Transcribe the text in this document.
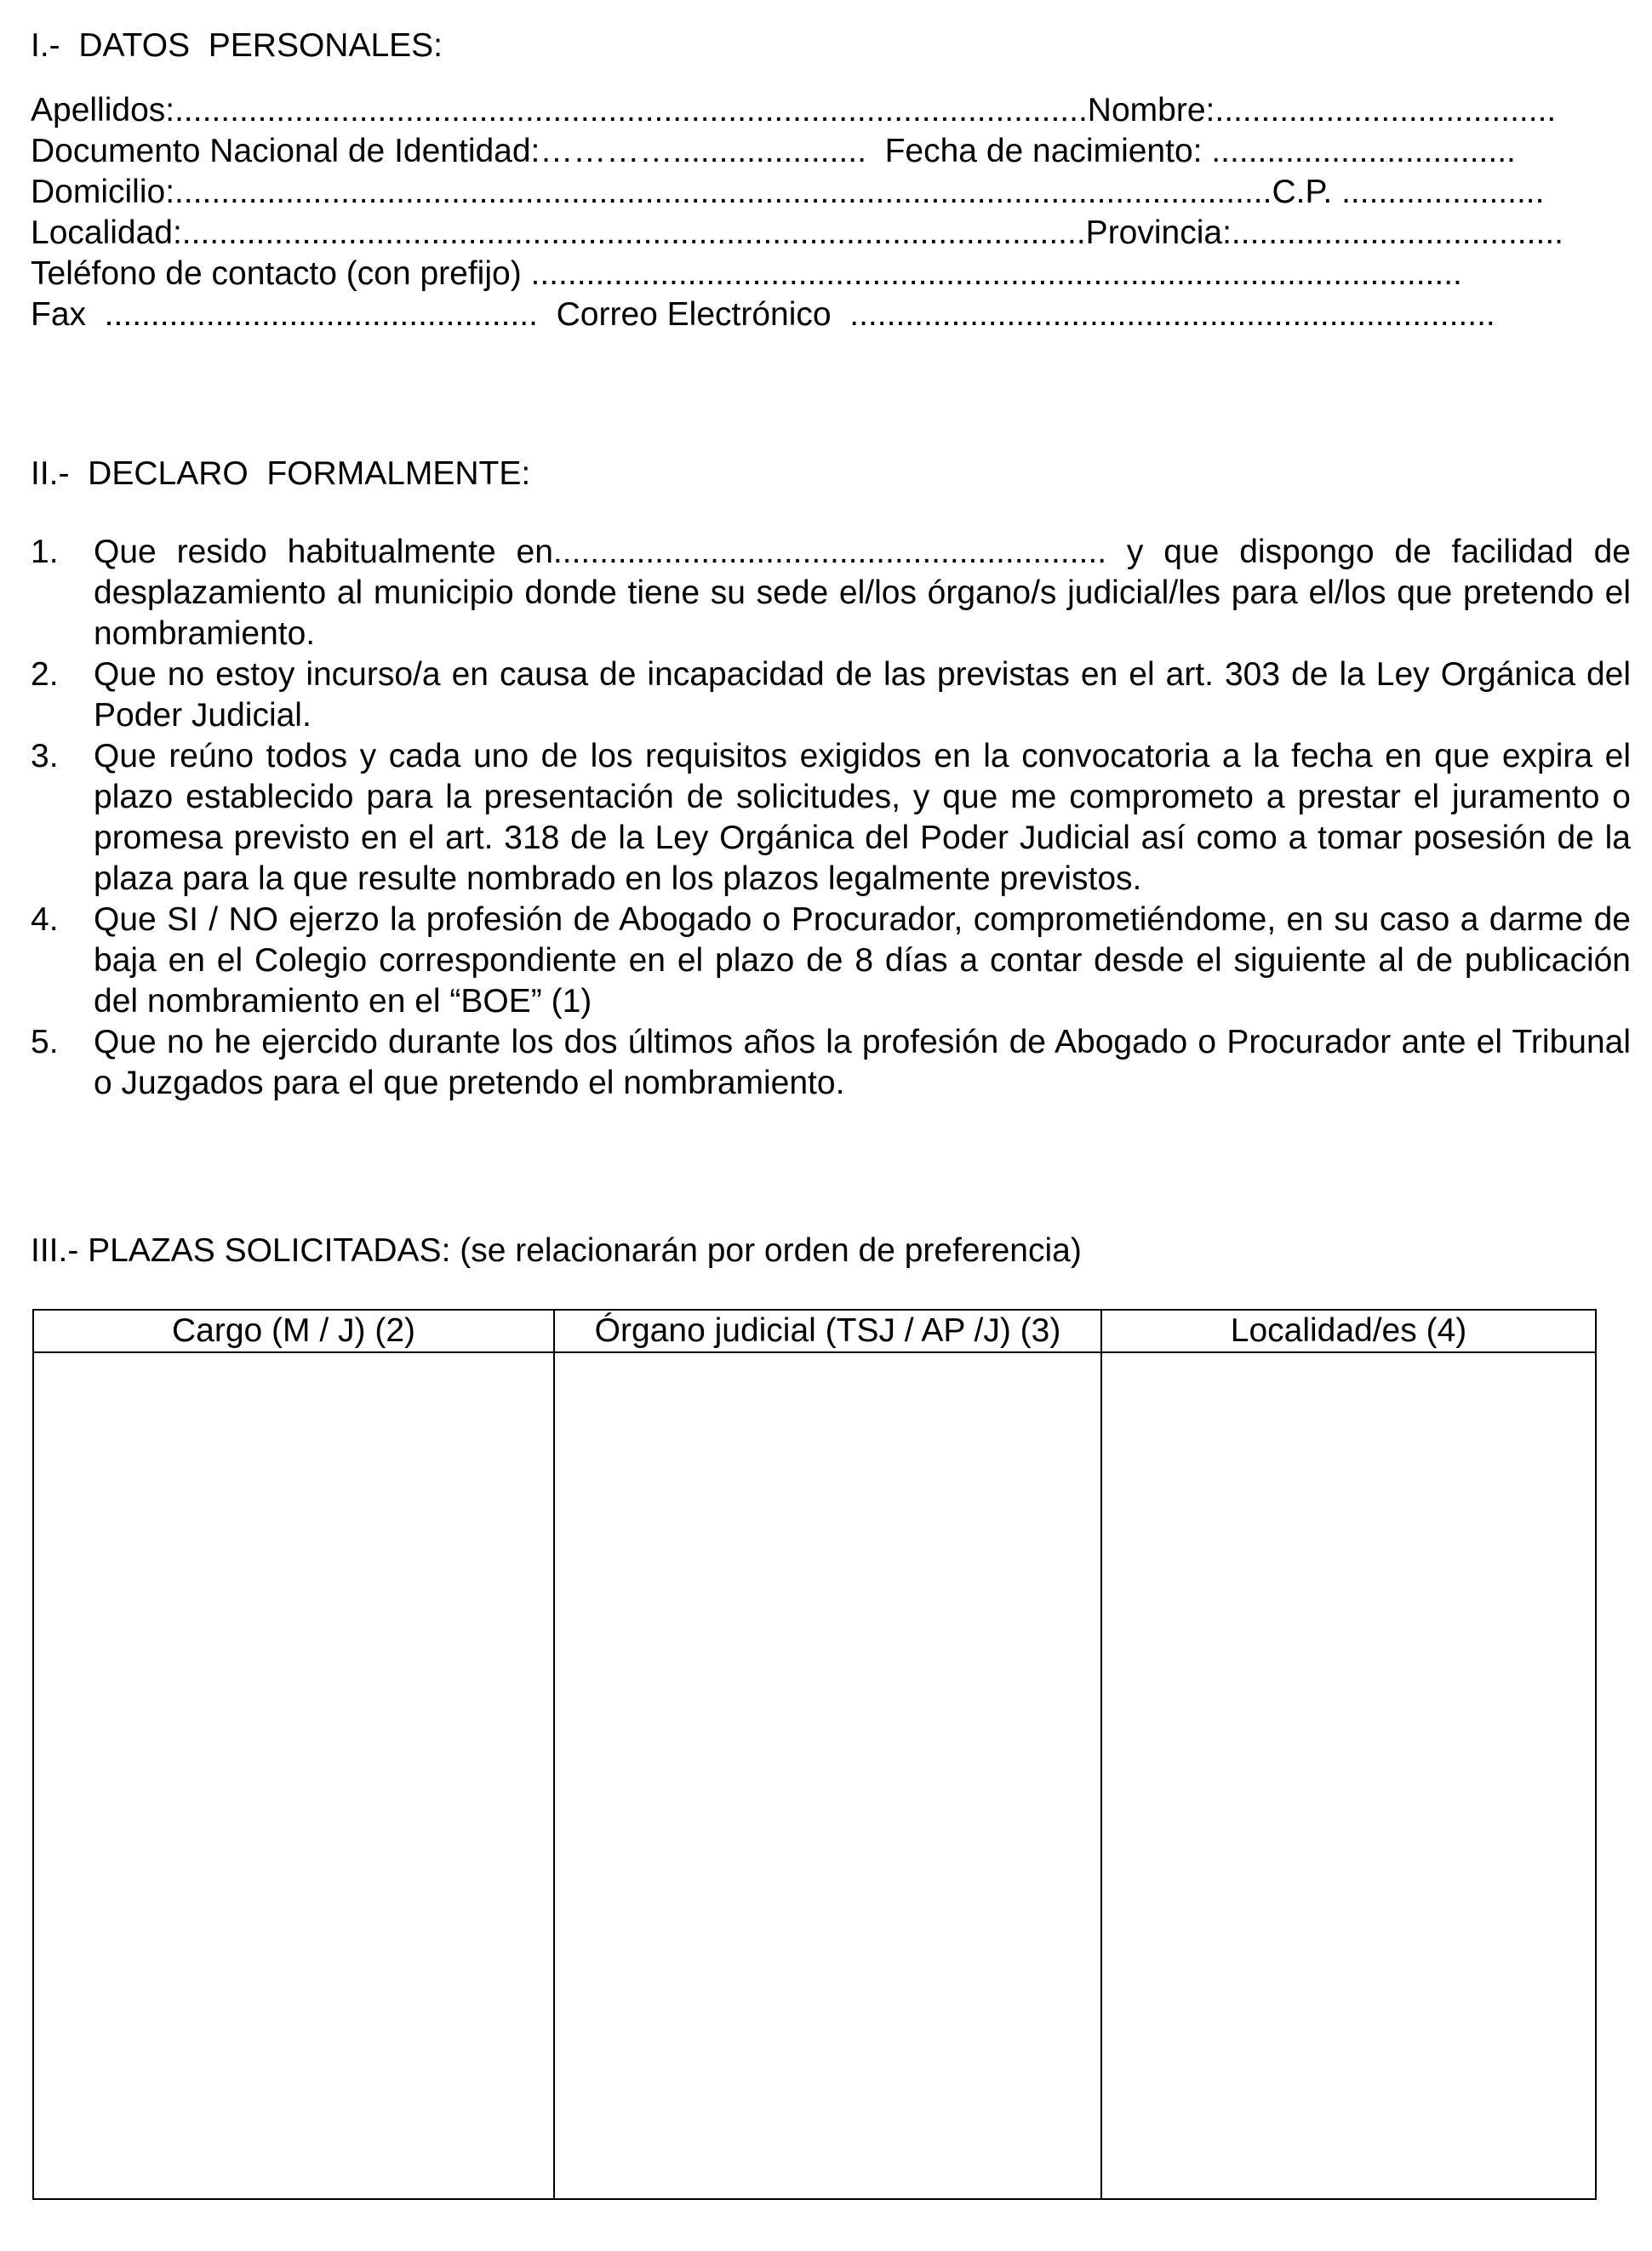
I.-  DATOS  PERSONALES:
Apellidos:...................................................................................................Nombre:.....................................
Documento Nacional de Identidad:………….....................  Fecha de nacimiento: .................................
Domicilio:.......................................................................................................................C.P. ......................
Localidad:..................................................................................................Provincia:....................................
Teléfono de contacto (con prefijo) .....................................................................................................
Fax  ...............................................  Correo Electrónico  ......................................................................
II.-  DECLARO  FORMALMENTE:
1.	Que resido habitualmente en............................................................ y que dispongo de facilidad de desplazamiento al municipio donde tiene su sede el/los órgano/s judicial/les para el/los que pretendo el nombramiento.
2.	Que no estoy incurso/a en causa de incapacidad de las previstas en el art. 303 de la Ley Orgánica del Poder Judicial.
3.	Que reúno todos y cada uno de los requisitos exigidos en la convocatoria a la fecha en que expira el plazo establecido para la presentación de solicitudes, y que me comprometo a prestar el juramento o promesa previsto en el art. 318 de la Ley Orgánica del Poder Judicial así como a tomar posesión de la plaza para la que resulte nombrado en los plazos legalmente previstos.
4.	Que SI / NO ejerzo la profesión de Abogado o Procurador, comprometiéndome, en su caso a darme de baja en el Colegio correspondiente en el plazo de 8 días a contar desde el siguiente al de publicación del nombramiento en el “BOE” (1)
5.	Que no he ejercido durante los dos últimos años la profesión de Abogado o Procurador ante el Tribunal o Juzgados para el que pretendo el nombramiento.
III.- PLAZAS SOLICITADAS: (se relacionarán por orden de preferencia)
Cargo (M / J) (2)	Órgano judicial (TSJ / AP /J) (3)	Localidad/es (4)
